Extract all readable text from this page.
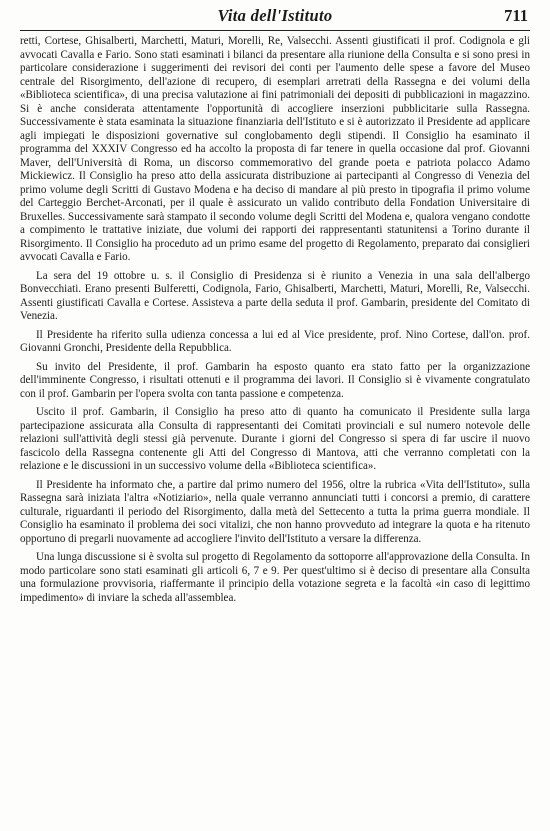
Vita dell'Istituto	711

retti, Cortese, Ghisalberti, Marchetti, Maturi, Morelli, Re, Valsecchi. Assenti giustificati il prof. Codignola e gli avvocati Cavalla e Fario. Sono stati esaminati i bilanci da presentare alla riunione della Consulta e si sono presi in particolare considerazione i suggerimenti dei revisori dei conti per l'aumento delle spese a favore del Museo centrale del Risorgimento, dell'azione di recupero, di esemplari arretrati della Rassegna e dei volumi della «Biblioteca scientifica», di una precisa valutazione ai fini patrimoniali dei depositi di pubblicazioni in magazzino. Si è anche considerata attentamente l'opportunità di accogliere inserzioni pubblicitarie sulla Rassegna. Successivamente è stata esaminata la situazione finanziaria dell'Istituto e si è autorizzato il Presidente ad applicare agli impiegati le disposizioni governative sul conglobamento degli stipendi. Il Consiglio ha esaminato il programma del XXXIV Congresso ed ha accolto la proposta di far tenere in quella occasione dal prof. Giovanni Maver, dell'Università di Roma, un discorso commemorativo del grande poeta e patriota polacco Adamo Mickiewicz. Il Consiglio ha preso atto della assicurata distribuzione ai partecipanti al Congresso di Venezia del primo volume degli Scritti di Gustavo Modena e ha deciso di mandare al più presto in tipografia il primo volume del Carteggio Berchet-Arconati, per il quale è assicurato un valido contributo della Fondation Universitaire di Bruxelles. Successivamente sarà stampato il secondo volume degli Scritti del Modena e, qualora vengano condotte a compimento le trattative iniziate, due volumi dei rapporti dei rappresentanti statunitensi a Torino durante il Risorgimento. Il Consiglio ha proceduto ad un primo esame del progetto di Regolamento, preparato dai consiglieri avvocati Cavalla e Fario.

La sera del 19 ottobre u. s. il Consiglio di Presidenza si è riunito a Venezia in una sala dell'albergo Bonvecchiati. Erano presenti Bulferetti, Codignola, Fario, Ghisalberti, Marchetti, Maturi, Morelli, Re, Valsecchi. Assenti giustificati Cavalla e Cortese. Assisteva a parte della seduta il prof. Gambarin, presidente del Comitato di Venezia.

Il Presidente ha riferito sulla udienza concessa a lui ed al Vice presidente, prof. Nino Cortese, dall'on. prof. Giovanni Gronchi, Presidente della Repubblica.

Su invito del Presidente, il prof. Gambarin ha esposto quanto era stato fatto per la organizzazione dell'imminente Congresso, i risultati ottenuti e il programma dei lavori. Il Consiglio si è vivamente congratulato con il prof. Gambarin per l'opera svolta con tanta passione e competenza.

Uscito il prof. Gambarin, il Consiglio ha preso atto di quanto ha comunicato il Presidente sulla larga partecipazione assicurata alla Consulta di rappresentanti dei Comitati provinciali e sul numero notevole delle relazioni sull'attività degli stessi già pervenute. Durante i giorni del Congresso si spera di far uscire il nuovo fascicolo della Rassegna contenente gli Atti del Congresso di Mantova, atti che verranno completati con la relazione e le discussioni in un successivo volume della «Biblioteca scientifica».

Il Presidente ha informato che, a partire dal primo numero del 1956, oltre la rubrica «Vita dell'Istituto», sulla Rassegna sarà iniziata l'altra «Notiziario», nella quale verranno annunciati tutti i concorsi a premio, di carattere culturale, riguardanti il periodo del Risorgimento, dalla metà del Settecento a tutta la prima guerra mondiale. Il Consiglio ha esaminato il problema dei soci vitalizi, che non hanno provveduto ad integrare la quota e ha ritenuto opportuno di pregarli nuovamente ad accogliere l'invito dell'Istituto a versare la differenza.

Una lunga discussione si è svolta sul progetto di Regolamento da sottoporre all'approvazione della Consulta. In modo particolare sono stati esaminati gli articoli 6, 7 e 9. Per quest'ultimo si è deciso di presentare alla Consulta una formulazione provvisoria, riaffermante il principio della votazione segreta e la facoltà «in caso di legittimo impedimento» di inviare la scheda all'assemblea.
